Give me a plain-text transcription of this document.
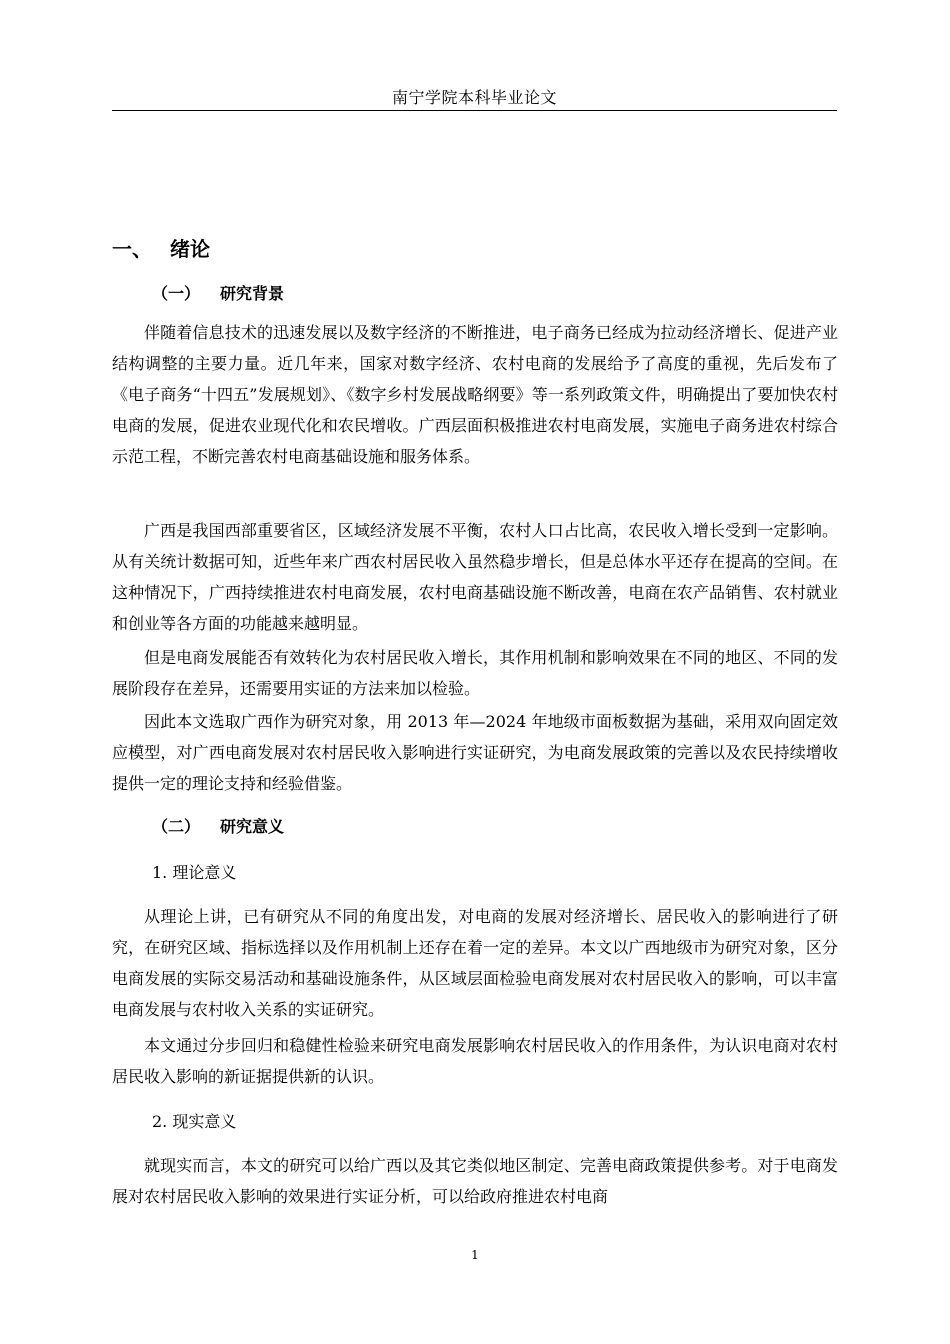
南宁学院本科毕业论文
一、 绪论
（一） 研究背景

伴随着信息技术的迅速发展以及数字经济的不断推进，电子商务已经成为拉动经济增长、促进产业结构调整的主要力量。近几年来，国家对数字经济、农村电商的发展给予了高度的重视，先后发布了《电子商务“十四五”发展规划》、《数字乡村发展战略纲要》等一系列政策文件，明确提出了要加快农村电商的发展，促进农业现代化和农民增收。广西层面积极推进农村电商发展，实施电子商务进农村综合示范工程，不断完善农村电商基础设施和服务体系。

广西是我国西部重要省区，区域经济发展不平衡，农村人口占比高，农民收入增长受到一定影响。从有关统计数据可知，近些年来广西农村居民收入虽然稳步增长，但是总体水平还存在提高的空间。在这种情况下，广西持续推进农村电商发展，农村电商基础设施不断改善，电商在农产品销售、农村就业和创业等各方面的功能越来越明显。

但是电商发展能否有效转化为农村居民收入增长，其作用机制和影响效果在不同的地区、不同的发展阶段存在差异，还需要用实证的方法来加以检验。

因此本文选取广西作为研究对象，用 2013 年—2024 年地级市面板数据为基础，采用双向固定效应模型，对广西电商发展对农村居民收入影响进行实证研究，为电商发展政策的完善以及农民持续增收提供一定的理论支持和经验借鉴。

（二） 研究意义
1. 理论意义

从理论上讲，已有研究从不同的角度出发，对电商的发展对经济增长、居民收入的影响进行了研究，在研究区域、指标选择以及作用机制上还存在着一定的差异。本文以广西地级市为研究对象，区分电商发展的实际交易活动和基础设施条件，从区域层面检验电商发展对农村居民收入的影响，可以丰富电商发展与农村收入关系的实证研究。

本文通过分步回归和稳健性检验来研究电商发展影响农村居民收入的作用条件，为认识电商对农村居民收入影响的新证据提供新的认识。

2. 现实意义

就现实而言，本文的研究可以给广西以及其它类似地区制定、完善电商政策提供参考。对于电商发展对农村居民收入影响的效果进行实证分析，可以给政府推进农村电商

1
